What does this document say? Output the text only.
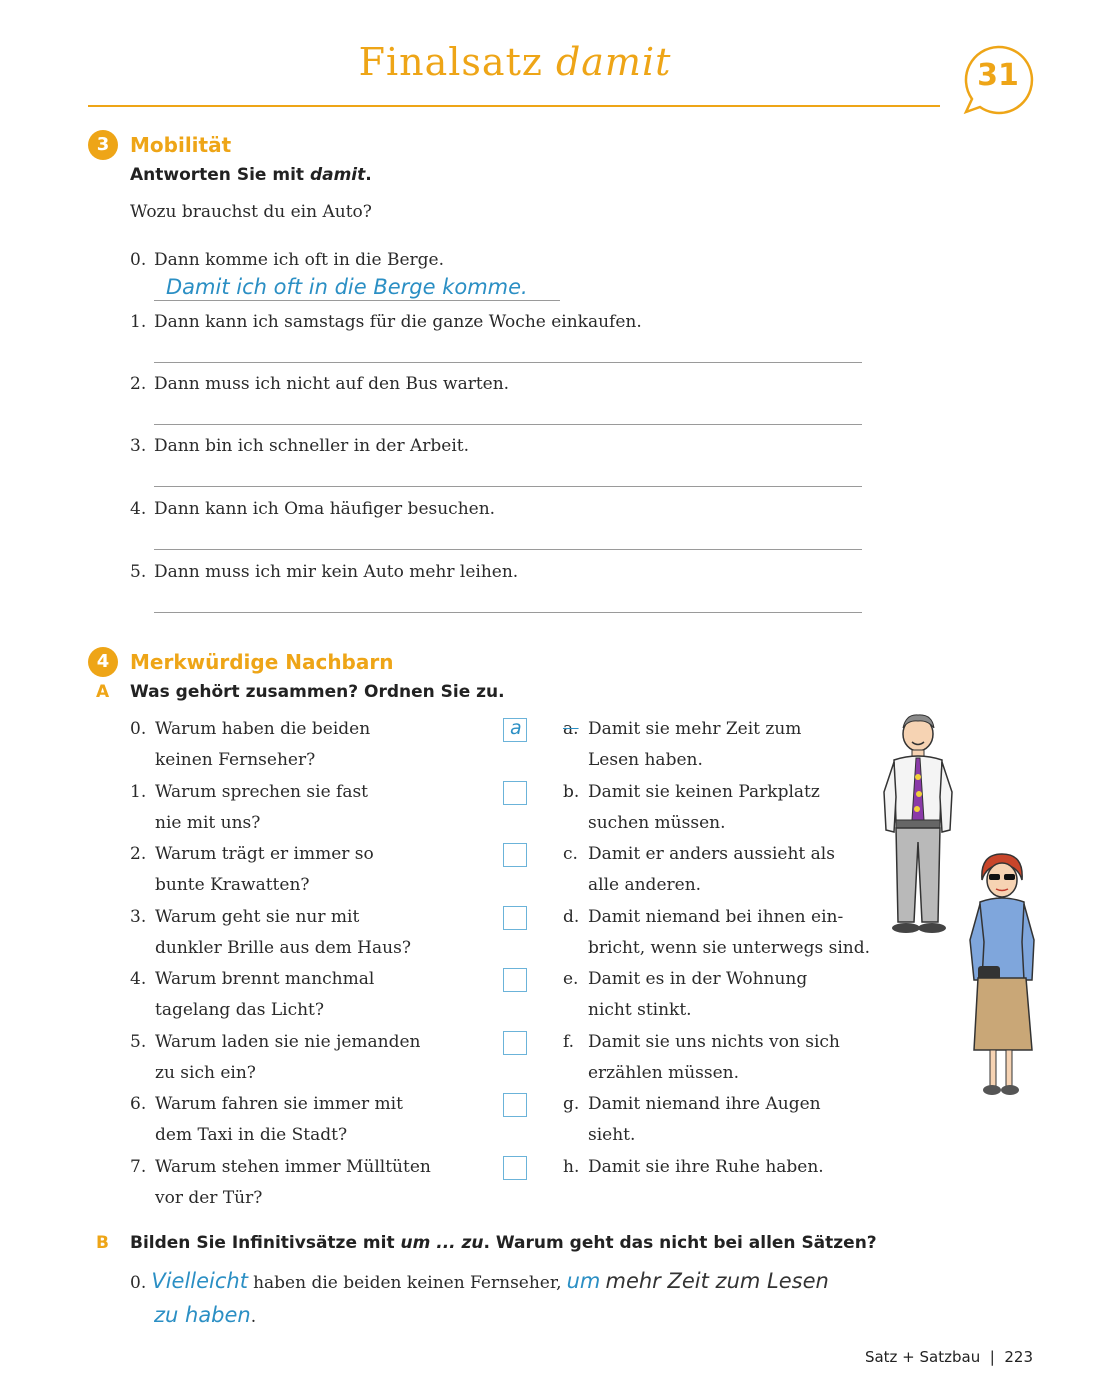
Finalsatz damit	31
3	Mobilität
Antworten Sie mit damit.
Wozu brauchst du ein Auto?
0. Dann komme ich oft in die Berge.
Damit ich oft in die Berge komme.
1. Dann kann ich samstags für die ganze Woche einkaufen.
2. Dann muss ich nicht auf den Bus warten.
3. Dann bin ich schneller in der Arbeit.
4. Dann kann ich Oma häufiger besuchen.
5. Dann muss ich mir kein Auto mehr leihen.
4	Merkwürdige Nachbarn
A Was gehört zusammen? Ordnen Sie zu.
0. Warum haben die beiden
keinen Fernseher?
a a. Damit sie mehr Zeit zum
Lesen haben.
1. Warum sprechen sie fast
nie mit uns?
b. Damit sie keinen Parkplatz
suchen müssen.
2. Warum trägt er immer so
bunte Krawatten?
c. Damit er anders aussieht als
alle anderen.
3. Warum geht sie nur mit
dunkler Brille aus dem Haus?
d. Damit niemand bei ihnen ein-
bricht, wenn sie unterwegs sind.
4. Warum brennt manchmal
tagelang das Licht?
e. Damit es in der Wohnung
nicht stinkt.
5. Warum laden sie nie jemanden
zu sich ein?
f. Damit sie uns nichts von sich
erzählen müssen.
6. Warum fahren sie immer mit
dem Taxi in die Stadt?
g. Damit niemand ihre Augen
sieht.
7. Warum stehen immer Mülltüten
vor der Tür?
h. Damit sie ihre Ruhe haben.
B Bilden Sie Infinitivsätze mit um ... zu. Warum geht das nicht bei allen Sätzen?
0. Vielleicht haben die beiden keinen Fernseher, um mehr Zeit zum Lesen
zu haben.
Satz + Satzbau | 223
